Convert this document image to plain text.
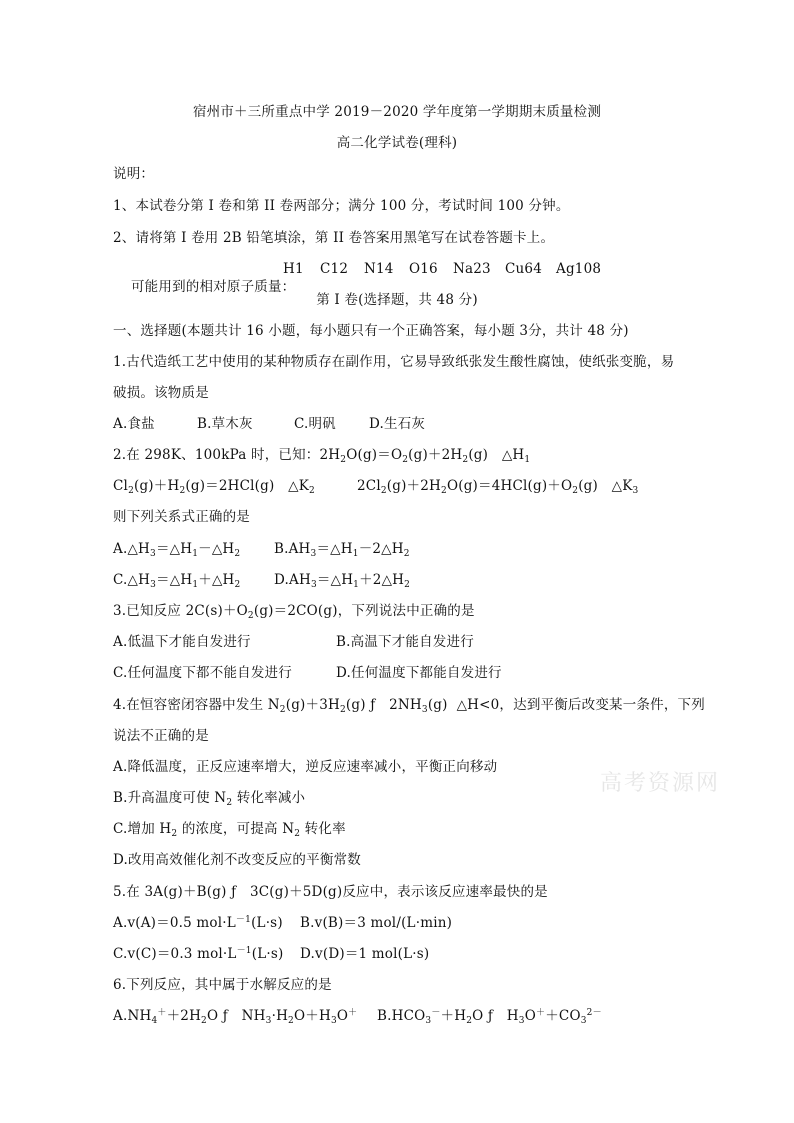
宿州市＋三所重点中学 2019－2020 学年度第一学期期末质量检测
高二化学试卷(理科)
说明：
1、本试卷分第 I 卷和第 II 卷两部分；满分 100 分，考试时间 100 分钟。
2、请将第 I 卷用 2B 铅笔填涂，第 II 卷答案用黑笔写在试卷答题卡上。

可能用到的相对原子质量：

H1 C12 N14 O16 Na23 Cu64 Ag108
第 I 卷(选择题，共 48 分)
一、选择题(本题共计 16 小题，每小题只有一个正确答案，每小题 3分，共计 48 分)
1.古代造纸工艺中使用的某种物质存在副作用，它易导致纸张发生酸性腐蚀，使纸张变脆，易
破损。该物质是
A.食盐	B.草木灰	C.明矾 D.生石灰
2.在 298K、100kPa 时，已知：$2H_2O(g)=O_2(g)+2H_2(g)$　$\triangle H_1$
$Cl_2(g)+H_2(g)=2HCl(g)$　$\triangle K_2$	$2Cl_2(g)+2H_2O(g)=4HCl(g)+O_2(g)$　$\triangle K_3$
则下列关系式正确的是
$A.\triangle H_3=\triangle H_1-\triangle H_2$ $B.AH_3=\triangle H_1-2\triangle H_2$
$C.\triangle H_3=\triangle H_1+\triangle H_2$ $D.AH_3=\triangle H_1+2\triangle H_2$
3.已知反应 $2C(s)+O_2(g)=2CO(g)$，下列说法中正确的是
A.低温下才能自发进行	B.高温下才能自发进行
C.任何温度下都不能自发进行	D.任何温度下都能自发进行
4.在恒容密闭容器中发生 $N_2(g)+3H_2(g)$ ƒ　$2NH_3(g)$  △H<0，达到平衡后改变某一条件，下列
说法不正确的是
A.降低温度，正反应速率增大，逆反应速率减小，平衡正向移动
B.升高温度可使 $N_2$ 转化率减小
C.增加 $H_2$ 的浓度，可提高 $N_2$ 转化率
D.改用高效催化剂不改变反应的平衡常数
5.在 3A(g)＋B(g) ƒ　3C(g)＋5D(g)反应中，表示该反应速率最快的是
A.v(A)＝0.5 $mol\cdot L^{-1}(L\cdot s)$ B.v(B)＝3 mol/(L·min)
C.v(C)＝0.3 $mol\cdot L^{-1}(L\cdot s)$ D.v(D)＝1 mol(L·s)
6.下列反应，其中属于水解反应的是
$A.NH_4^++2H_2O$ ƒ　$NH_3\cdot H_2O+H_3O^+$ $B.HCO_3^-+H_2O$ ƒ　$H_3O^++CO_3^{2-}$
高考资源网
